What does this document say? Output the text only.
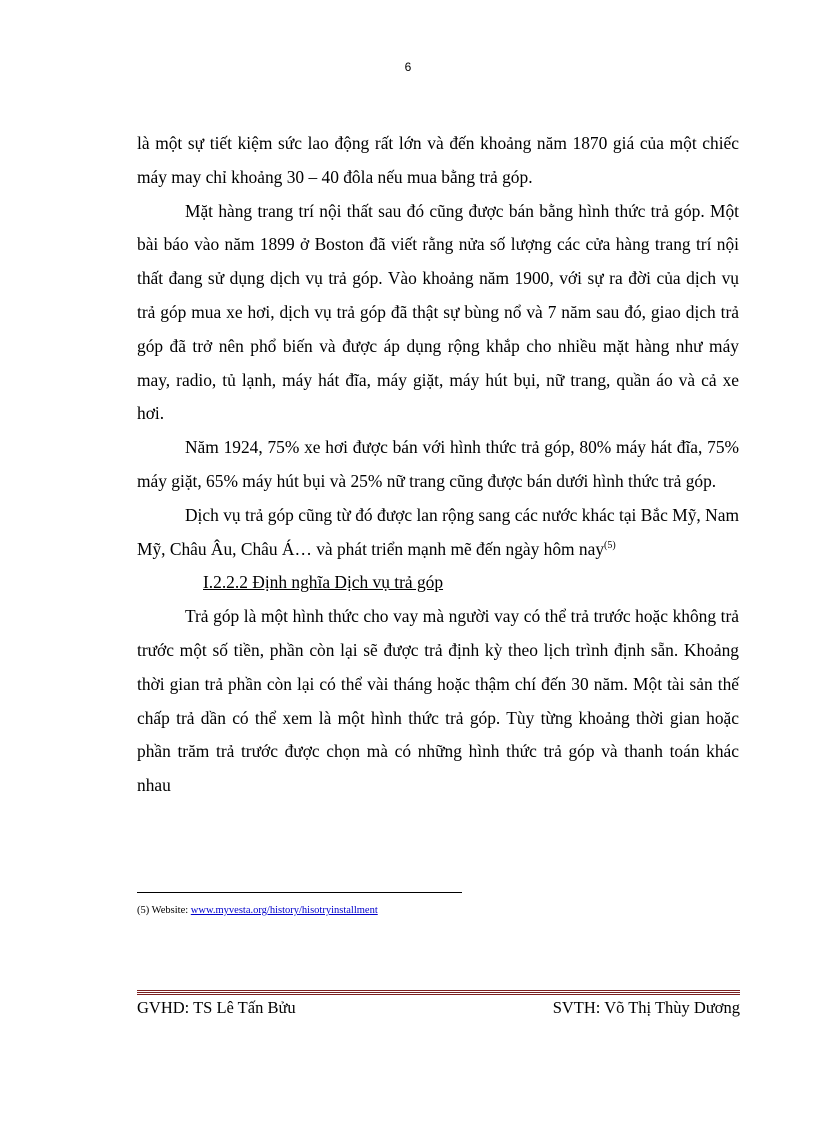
6

là một sự tiết kiệm sức lao động rất lớn và đến khoảng năm 1870 giá của một chiếc máy may chỉ khoảng 30 – 40 đôla nếu mua bằng trả góp.

Mặt hàng trang trí nội thất sau đó cũng được bán bằng hình thức trả góp. Một bài báo vào năm 1899 ở Boston đã viết rằng nửa số lượng các cửa hàng trang trí nội thất đang sử dụng dịch vụ trả góp. Vào khoảng năm 1900, với sự ra đời của dịch vụ trả góp mua xe hơi, dịch vụ trả góp đã thật sự bùng nổ và 7 năm sau đó, giao dịch trả góp đã trở nên phổ biến và được áp dụng rộng khắp cho nhiều mặt hàng như máy may, radio, tủ lạnh, máy hát đĩa, máy giặt, máy hút bụi, nữ trang, quần áo và cả xe hơi.

Năm 1924, 75% xe hơi được bán với hình thức trả góp, 80% máy hát đĩa, 75% máy giặt, 65% máy hút bụi và 25% nữ trang cũng được bán dưới hình thức trả góp.

Dịch vụ trả góp cũng từ đó được lan rộng sang các nước khác tại Bắc Mỹ, Nam Mỹ, Châu Âu, Châu Á… và phát triển mạnh mẽ đến ngày hôm nay$^{(5)}$

I.2.2.2 Định nghĩa Dịch vụ trả góp

Trả góp là một hình thức cho vay mà người vay có thể trả trước hoặc không trả trước một số tiền, phần còn lại sẽ được trả định kỳ theo lịch trình định sẵn. Khoảng thời gian trả phần còn lại có thể vài tháng hoặc thậm chí đến 30 năm. Một tài sản thế chấp trả dần có thể xem là một hình thức trả góp. Tùy từng khoảng thời gian hoặc phần trăm trả trước được chọn mà có những hình thức trả góp và thanh toán khác nhau

(5) Website: www.myvesta.org/history/hisotryinstallment
GVHD: TS Lê Tấn Bửu	SVTH: Võ Thị Thùy Dương
